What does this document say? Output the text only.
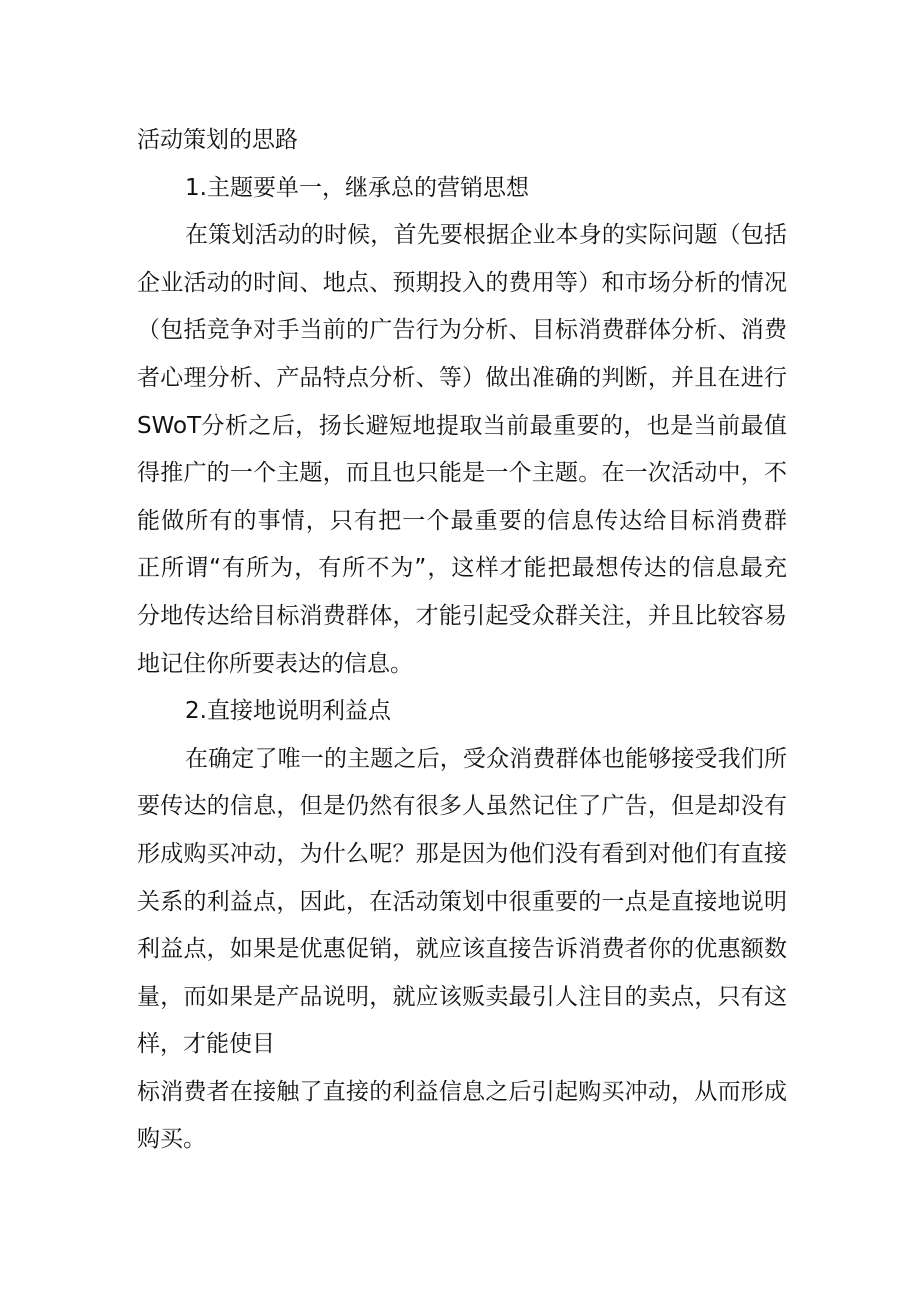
活动策划的思路
1.主题要单一，继承总的营销思想
在策划活动的时候，首先要根据企业本身的实际问题（包括
企业活动的时间、地点、预期投入的费用等）和市场分析的情况
（包括竞争对手当前的广告行为分析、目标消费群体分析、消费
者心理分析、产品特点分析、等）做出准确的判断，并且在进行
SWoT分析之后，扬长避短地提取当前最重要的，也是当前最值
得推广的一个主题，而且也只能是一个主题。在一次活动中，不
能做所有的事情，只有把一个最重要的信息传达给目标消费群
正所谓“有所为，有所不为”，这样才能把最想传达的信息最充
分地传达给目标消费群体，才能引起受众群关注，并且比较容易
地记住你所要表达的信息。
2.直接地说明利益点
在确定了唯一的主题之后，受众消费群体也能够接受我们所
要传达的信息，但是仍然有很多人虽然记住了广告，但是却没有
形成购买冲动，为什么呢？那是因为他们没有看到对他们有直接
关系的利益点，因此，在活动策划中很重要的一点是直接地说明
利益点，如果是优惠促销，就应该直接告诉消费者你的优惠额数
量，而如果是产品说明，就应该贩卖最引人注目的卖点，只有这
样，才能使目
标消费者在接触了直接的利益信息之后引起购买冲动，从而形成
购买。
